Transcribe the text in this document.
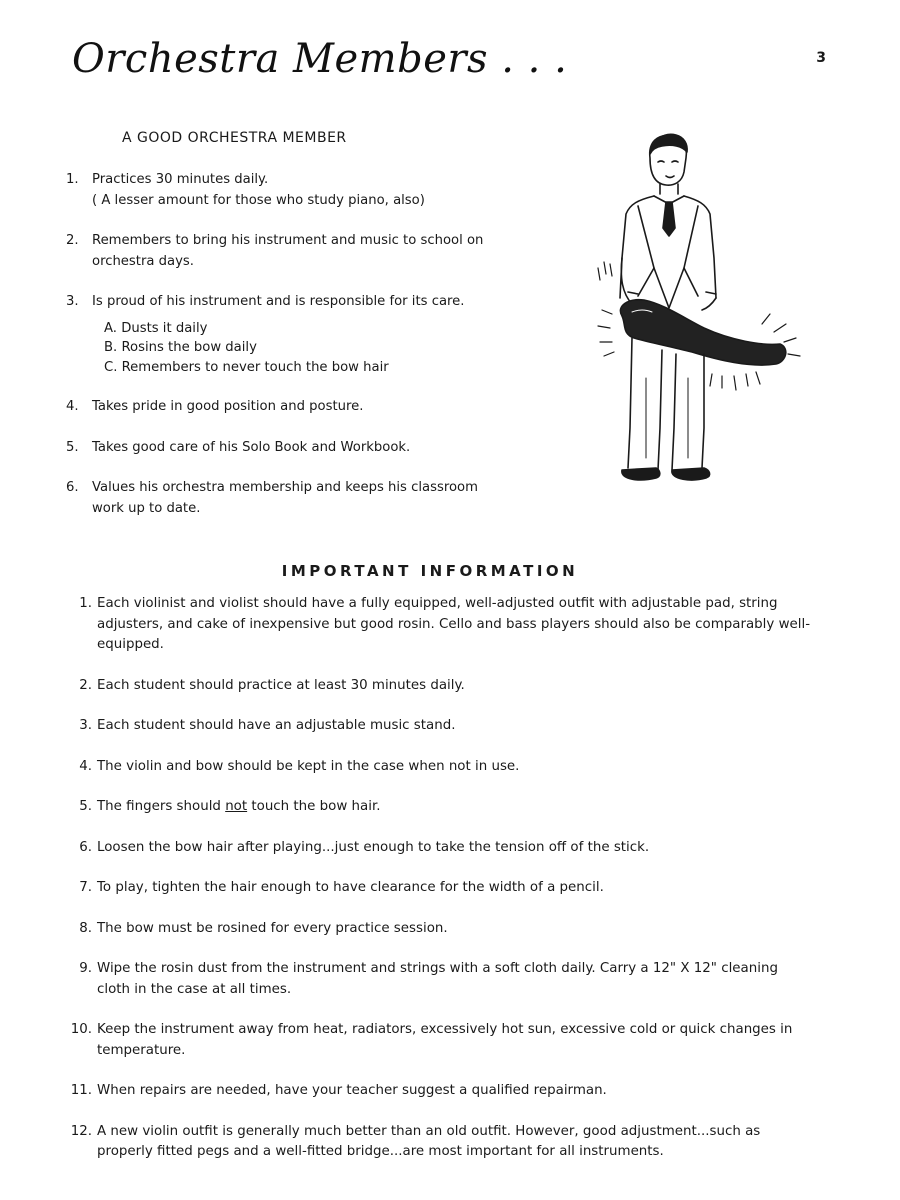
Orchestra Members . . .	3
A GOOD ORCHESTRA MEMBER
1. Practices 30 minutes daily.
( A lesser amount for those who study piano, also)
2. Remembers to bring his instrument and music to school on orchestra days.
3. Is proud of his instrument and is responsible for its care.
A. Dusts it daily
B. Rosins the bow daily
C. Remembers to never touch the bow hair
4. Takes pride in good position and posture.
5. Takes good care of his Solo Book and Workbook.
6. Values his orchestra membership and keeps his classroom work up to date.
IMPORTANT INFORMATION
1. Each violinist and violist should have a fully equipped, well-adjusted outfit with adjustable pad, string adjusters, and cake of inexpensive but good rosin. Cello and bass players should also be comparably well-equipped.
2. Each student should practice at least 30 minutes daily.
3. Each student should have an adjustable music stand.
4. The violin and bow should be kept in the case when not in use.
5. The fingers should not touch the bow hair.
6. Loosen the bow hair after playing...just enough to take the tension off of the stick.
7. To play, tighten the hair enough to have clearance for the width of a pencil.
8. The bow must be rosined for every practice session.
9. Wipe the rosin dust from the instrument and strings with a soft cloth daily. Carry a 12" X 12" cleaning cloth in the case at all times.
10. Keep the instrument away from heat, radiators, excessively hot sun, excessive cold or quick changes in temperature.
11. When repairs are needed, have your teacher suggest a qualified repairman.
12. A new violin outfit is generally much better than an old outfit. However, good adjustment...such as properly fitted pegs and a well-fitted bridge...are most important for all instruments.
